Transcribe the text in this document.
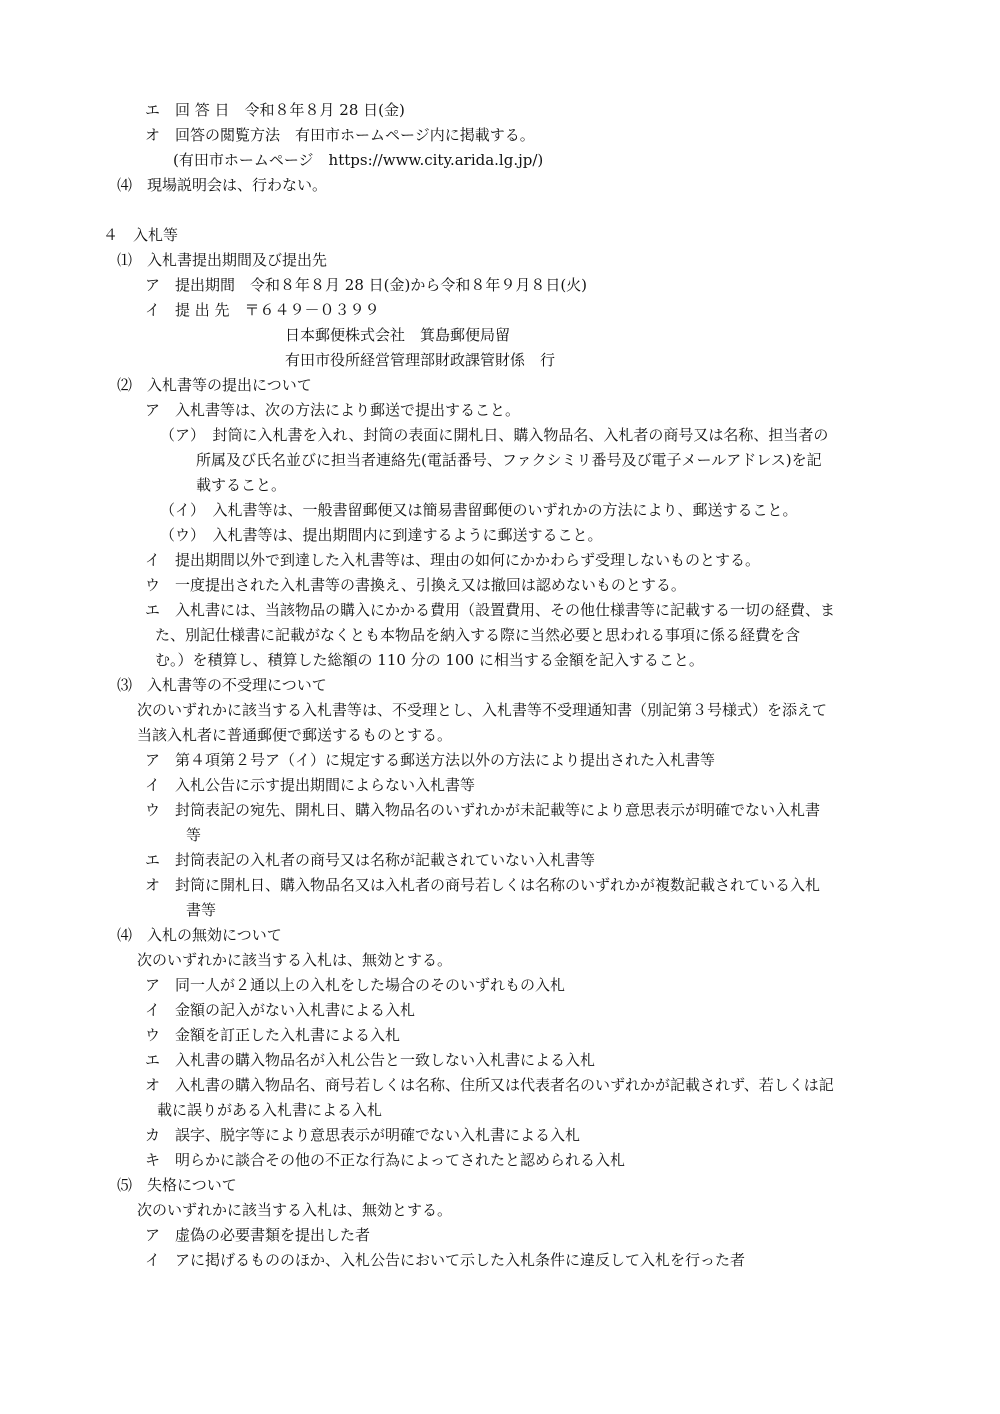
エ　回 答 日　令和８年８月 28 日(金)
オ　回答の閲覧方法　有田市ホームページ内に掲載する。
(有田市ホームページ　https://www.city.arida.lg.jp/)
⑷　現場説明会は、行わない。
４　入札等
⑴　入札書提出期間及び提出先
ア　提出期間　令和８年８月 28 日(金)から令和８年９月８日(火)
イ　提 出 先　〒６４９－０３９９
日本郵便株式会社　箕島郵便局留
有田市役所経営管理部財政課管財係　行
⑵　入札書等の提出について
ア　入札書等は、次の方法により郵送で提出すること。
（ア）　封筒に入札書を入れ、封筒の表面に開札日、購入物品名、入札者の商号又は名称、担当者の
所属及び氏名並びに担当者連絡先(電話番号、ファクシミリ番号及び電子メールアドレス)を記
載すること。
（イ）　入札書等は、一般書留郵便又は簡易書留郵便のいずれかの方法により、郵送すること。
（ウ）　入札書等は、提出期間内に到達するように郵送すること。
イ　提出期間以外で到達した入札書等は、理由の如何にかかわらず受理しないものとする。
ウ　一度提出された入札書等の書換え、引換え又は撤回は認めないものとする。
エ　入札書には、当該物品の購入にかかる費用（設置費用、その他仕様書等に記載する一切の経費、ま
た、別記仕様書に記載がなくとも本物品を納入する際に当然必要と思われる事項に係る経費を含
む。）を積算し、積算した総額の 110 分の 100 に相当する金額を記入すること。
⑶　入札書等の不受理について
次のいずれかに該当する入札書等は、不受理とし、入札書等不受理通知書（別記第３号様式）を添えて
当該入札者に普通郵便で郵送するものとする。
ア　第４項第２号ア（イ）に規定する郵送方法以外の方法により提出された入札書等
イ　入札公告に示す提出期間によらない入札書等
ウ　封筒表記の宛先、開札日、購入物品名のいずれかが未記載等により意思表示が明確でない入札書
等
エ　封筒表記の入札者の商号又は名称が記載されていない入札書等
オ　封筒に開札日、購入物品名又は入札者の商号若しくは名称のいずれかが複数記載されている入札
書等
⑷　入札の無効について
次のいずれかに該当する入札は、無効とする。
ア　同一人が２通以上の入札をした場合のそのいずれもの入札
イ　金額の記入がない入札書による入札
ウ　金額を訂正した入札書による入札
エ　入札書の購入物品名が入札公告と一致しない入札書による入札
オ　入札書の購入物品名、商号若しくは名称、住所又は代表者名のいずれかが記載されず、若しくは記
載に誤りがある入札書による入札
カ　誤字、脱字等により意思表示が明確でない入札書による入札
キ　明らかに談合その他の不正な行為によってされたと認められる入札
⑸　失格について
次のいずれかに該当する入札は、無効とする。
ア　虚偽の必要書類を提出した者
イ　アに掲げるもののほか、入札公告において示した入札条件に違反して入札を行った者
